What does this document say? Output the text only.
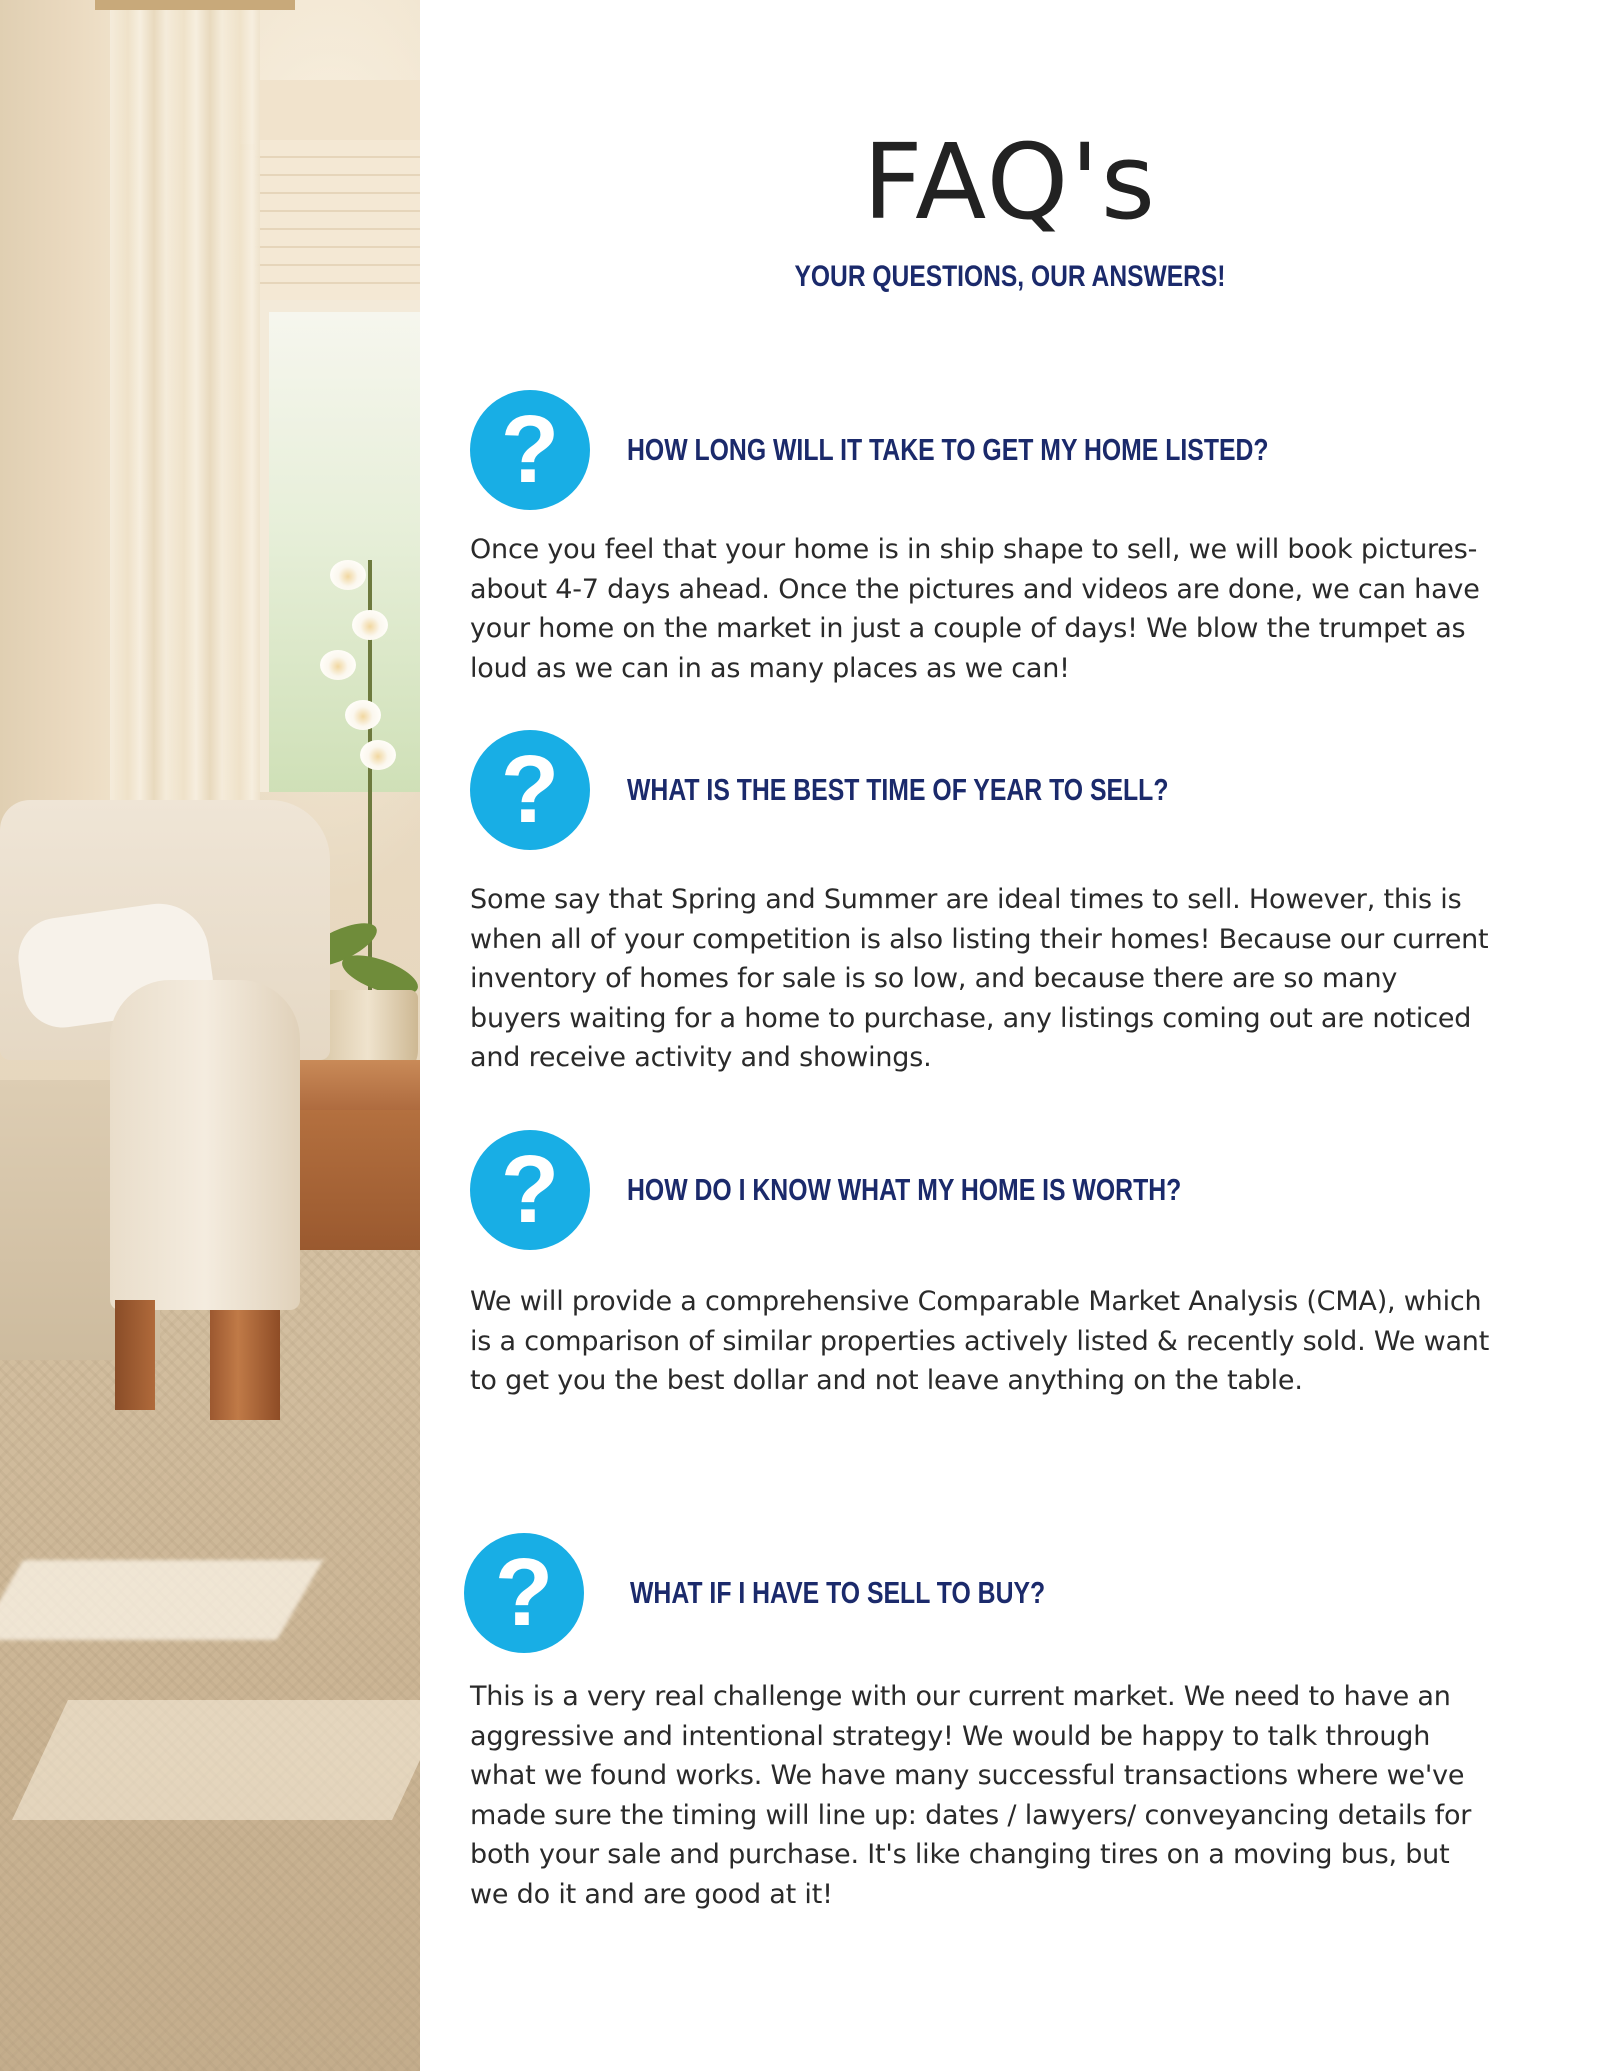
FAQ's
YOUR QUESTIONS, OUR ANSWERS!
?	HOW LONG WILL IT TAKE TO GET MY HOME LISTED?

Once you feel that your home is in ship shape to sell, we will book pictures- about 4-7 days ahead. Once the pictures and videos are done, we can have your home on the market in just a couple of days! We blow the trumpet as loud as we can in as many places as we can!

?	WHAT IS THE BEST TIME OF YEAR TO SELL?

Some say that Spring and Summer are ideal times to sell. However, this is when all of your competition is also listing their homes! Because our current inventory of homes for sale is so low, and because there are so many buyers waiting for a home to purchase, any listings coming out are noticed and receive activity and showings.

?	HOW DO I KNOW WHAT MY HOME IS WORTH?

We will provide a comprehensive Comparable Market Analysis (CMA), which is a comparison of similar properties actively listed & recently sold. We want to get you the best dollar and not leave anything on the table.

?	WHAT IF I HAVE TO SELL TO BUY?

This is a very real challenge with our current market. We need to have an aggressive and intentional strategy! We would be happy to talk through what we found works. We have many successful transactions where we've made sure the timing will line up: dates / lawyers/ conveyancing details for both your sale and purchase. It's like changing tires on a moving bus, but we do it and are good at it!
